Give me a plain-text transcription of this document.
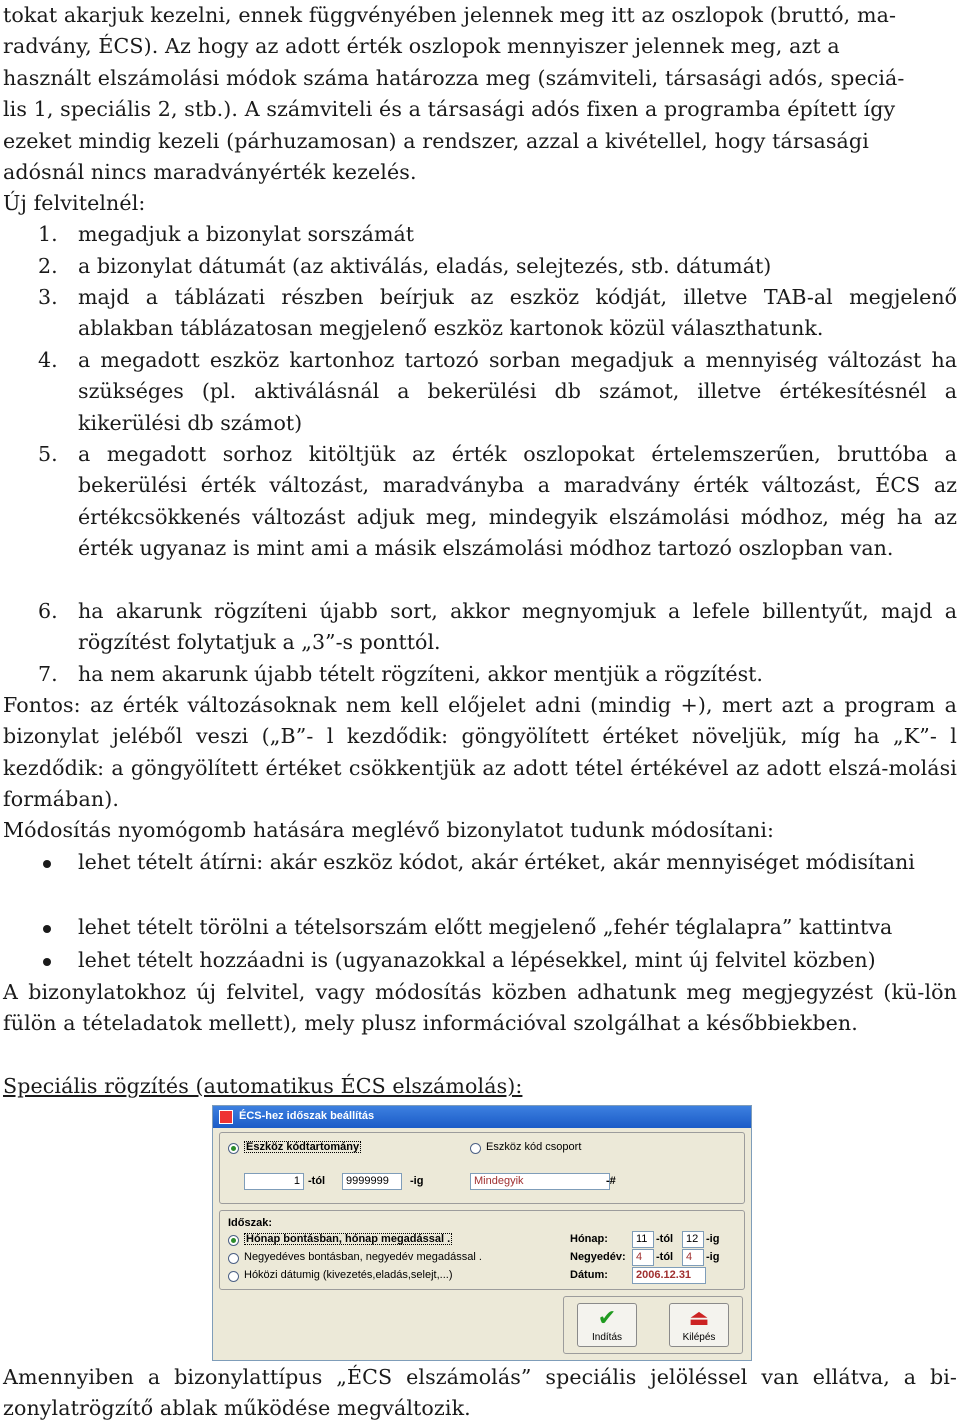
tokat akarjuk kezelni, ennek függvényében jelennek meg itt az oszlopok (bruttó, ma-

radvány, ÉCS). Az hogy az adott érték oszlopok mennyiszer jelennek meg, azt a

használt elszámolási módok száma határozza meg (számviteli, társasági adós, speciá-

lis 1, speciális 2, stb.). A számviteli és a társasági adós fixen a programba épített így

ezeket mindig kezeli (párhuzamosan) a rendszer, azzal a kivétellel, hogy társasági

adósnál nincs maradványérték kezelés.

Új felvitelnél:

1. megadjuk a bizonylat sorszámát
2. a bizonylat dátumát (az aktiválás, eladás, selejtezés, stb. dátumát)
3. majd a táblázati részben beírjuk az eszköz kódját, illetve TAB-al megjelenő ablakban táblázatosan megjelenő eszköz kartonok közül választhatunk.
4. a megadott eszköz kartonhoz tartozó sorban megadjuk a mennyiség változást ha szükséges (pl. aktiválásnál a bekerülési db számot, illetve értékesítésnél a kikerülési db számot)
5. a megadott sorhoz kitöltjük az érték oszlopokat értelemszerűen, bruttóba a bekerülési érték változást, maradványba a maradvány érték változást, ÉCS az értékcsökkenés változást adjuk meg, mindegyik elszámolási módhoz, még ha az érték ugyanaz is mint ami a másik elszámolási módhoz tartozó oszlopban van.
6. ha akarunk rögzíteni újabb sort, akkor megnyomjuk a lefele billentyűt, majd a rögzítést folytatjuk a „3”-s ponttól.
7. ha nem akarunk újabb tételt rögzíteni, akkor mentjük a rögzítést.

Fontos: az érték változásoknak nem kell előjelet adni (mindig +), mert azt a program a bizonylat jeléből veszi („B”- l kezdődik: göngyölített értéket növeljük, míg ha „K”- l kezdődik: a göngyölített értéket csökkentjük az adott tétel értékével az adott elszá-molási formában).

Módosítás nyomógomb hatására meglévő bizonylatot tudunk módosítani:

lehet tételt átírni: akár eszköz kódot, akár értéket, akár mennyiséget módisítani
lehet tételt törölni a tételsorszám előtt megjelenő „fehér téglalapra” kattintva
lehet tételt hozzáadni is (ugyanazokkal a lépésekkel, mint új felvitel közben)

A bizonylatokhoz új felvitel, vagy módosítás közben adhatunk meg megjegyzést (kü-lön fülön a tételadatok mellett), mely plusz információval szolgálhat a későbbiekben.

Speciális rögzítés (automatikus ÉCS elszámolás):

ÉCS-hez időszak beállítás
Eszköz kódtartomány	Eszköz kód csoport
1 -tól	9999999	-ig	Mindegyik	-#
Időszak:
Hónap bontásban, hónap megadással .
Negyedéves bontásban, negyedév megadással .
Hóközi dátumig (kivezetés,eladás,selejt,...)
Hónap:	11 -tól	12 -ig
Negyedév: 4	-tól	4	-ig
Dátum:	2006.12.31
✔
Indítás
⏏
Kilépés

Amennyiben a bizonylattípus „ÉCS elszámolás” speciális jelöléssel van ellátva, a bi-zonylatrögzítő ablak működése megváltozik.
